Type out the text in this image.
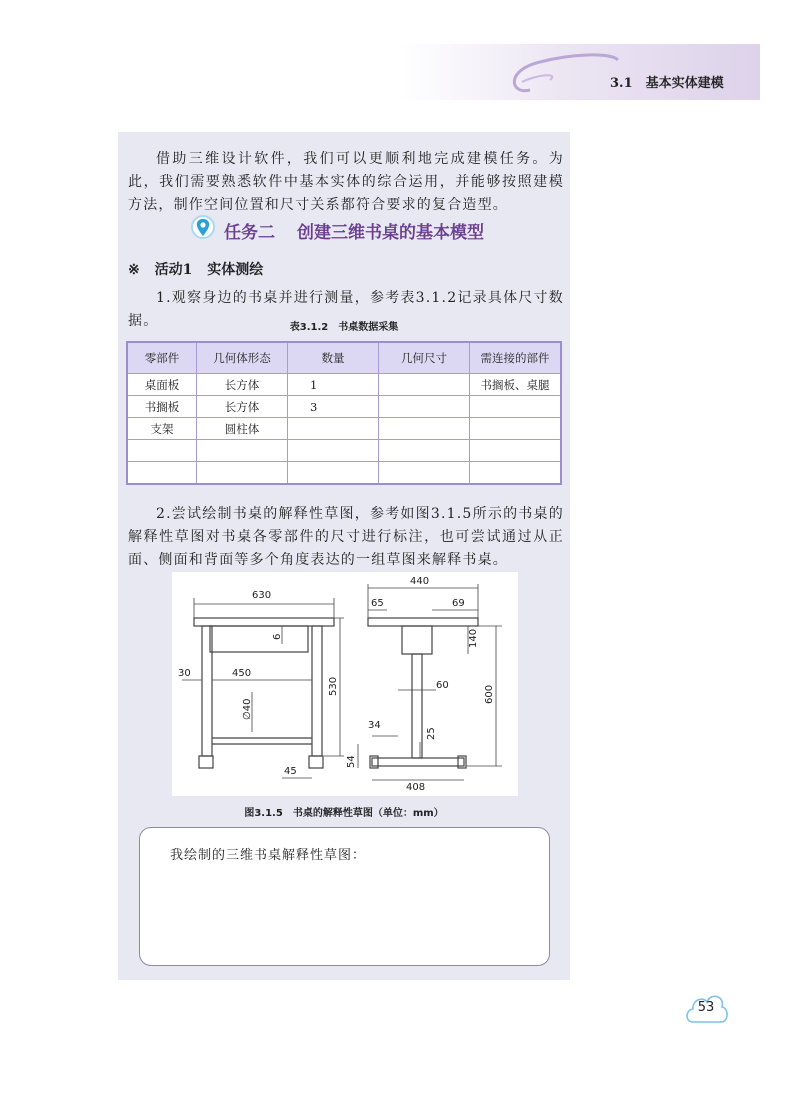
3.1　基本实体建模

借助三维设计软件，我们可以更顺利地完成建模任务。为此，我们需要熟悉软件中基本实体的综合运用，并能够按照建模方法，制作空间位置和尺寸关系都符合要求的复合造型。

任务二 创建三维书桌的基本模型
※ 活动1 实体测绘

1.观察身边的书桌并进行测量，参考表3.1.2记录具体尺寸数据。	表3.1.2　书桌数据采集
零部件	几何体形态	数量	几何尺寸	需连接的部件
桌面板	长方体	1		书搁板、桌腿
书搁板	长方体	3		
支架	圆柱体			

2.尝试绘制书桌的解释性草图，参考如图3.1.5所示的书桌的解释性草图对书桌各零部件的尺寸进行标注，也可尝试通过从正面、侧面和背面等多个角度表达的一组草图来解释书桌。

630
6
30	450
530
∅40
45
440
65	69
140
60	600
34
25
54
408
图3.1.5　书桌的解释性草图（单位：mm）
我绘制的三维书桌解释性草图：
53
